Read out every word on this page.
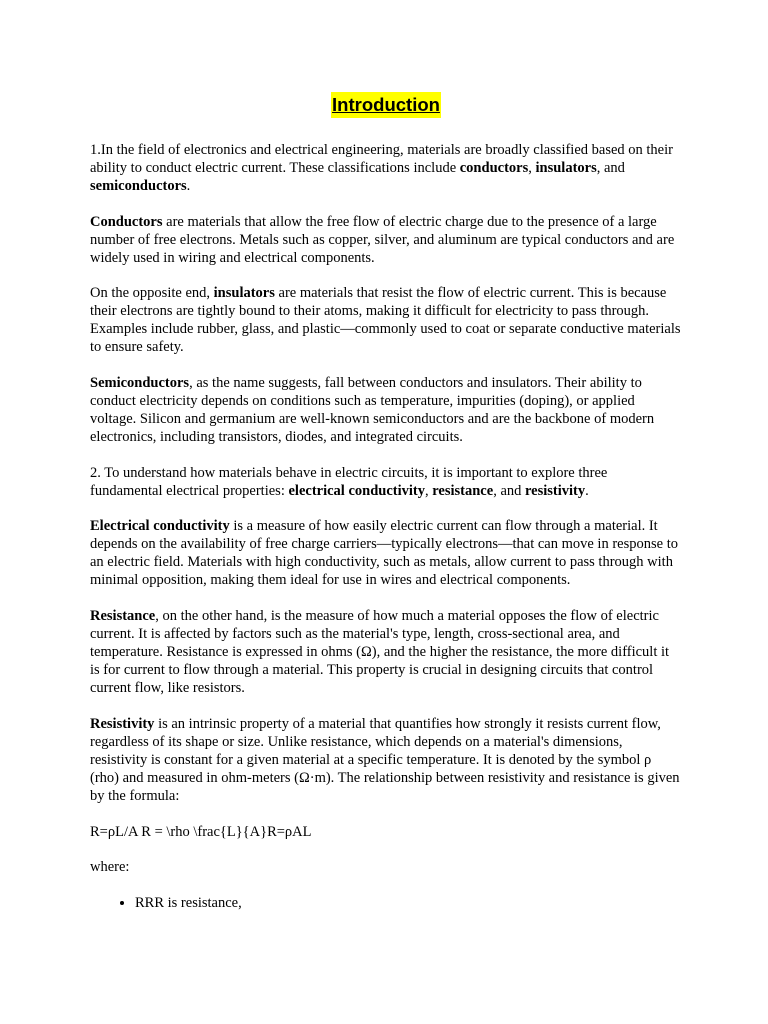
Introduction

1.In the field of electronics and electrical engineering, materials are broadly classified based on their ability to conduct electric current. These classifications include conductors, insulators, and semiconductors.

Conductors are materials that allow the free flow of electric charge due to the presence of a large number of free electrons. Metals such as copper, silver, and aluminum are typical conductors and are widely used in wiring and electrical components.

On the opposite end, insulators are materials that resist the flow of electric current. This is because their electrons are tightly bound to their atoms, making it difficult for electricity to pass through. Examples include rubber, glass, and plastic—commonly used to coat or separate conductive materials to ensure safety.

Semiconductors, as the name suggests, fall between conductors and insulators. Their ability to conduct electricity depends on conditions such as temperature, impurities (doping), or applied voltage. Silicon and germanium are well-known semiconductors and are the backbone of modern electronics, including transistors, diodes, and integrated circuits.

2. To understand how materials behave in electric circuits, it is important to explore three fundamental electrical properties: electrical conductivity, resistance, and resistivity.

Electrical conductivity is a measure of how easily electric current can flow through a material. It depends on the availability of free charge carriers—typically electrons—that can move in response to an electric field. Materials with high conductivity, such as metals, allow current to pass through with minimal opposition, making them ideal for use in wires and electrical components.

Resistance, on the other hand, is the measure of how much a material opposes the flow of electric current. It is affected by factors such as the material's type, length, cross-sectional area, and temperature. Resistance is expressed in ohms (Ω), and the higher the resistance, the more difficult it is for current to flow through a material. This property is crucial in designing circuits that control current flow, like resistors.

Resistivity is an intrinsic property of a material that quantifies how strongly it resists current flow, regardless of its shape or size. Unlike resistance, which depends on a material's dimensions, resistivity is constant for a given material at a specific temperature. It is denoted by the symbol ρ (rho) and measured in ohm-meters (Ω·m). The relationship between resistivity and resistance is given by the formula:

R=ρL/A R = \rho \frac{L}{A}R=ρAL

where:

• RRR is resistance,
